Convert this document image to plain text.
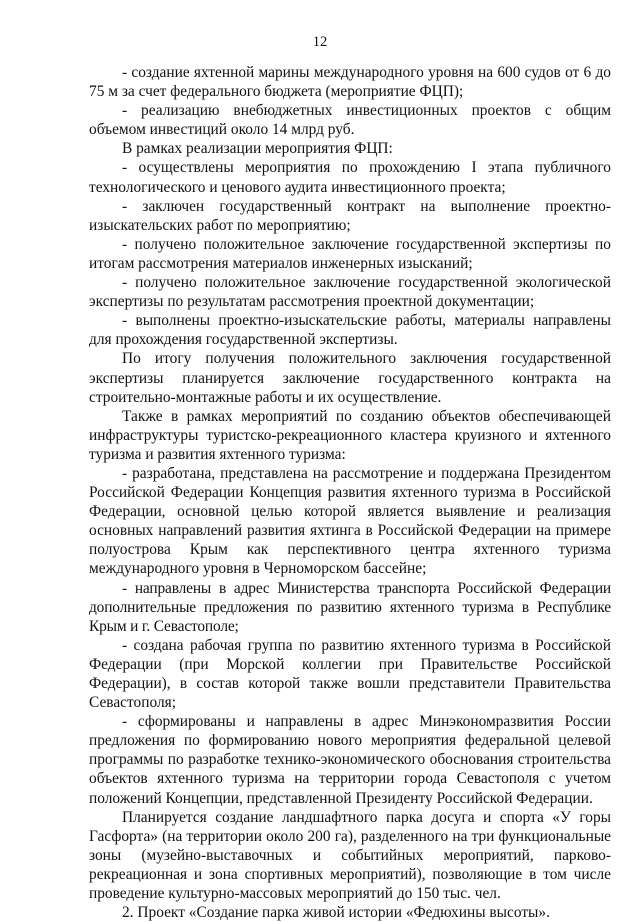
12

- создание яхтенной марины международного уровня на 600 судов от 6 до 75 м за счет федерального бюджета (мероприятие ФЦП);

- реализацию внебюджетных инвестиционных проектов с общим объемом инвестиций около 14 млрд руб.

В рамках реализации мероприятия ФЦП:

- осуществлены мероприятия по прохождению I этапа публичного технологического и ценового аудита инвестиционного проекта;

- заключен государственный контракт на выполнение проектно-изыскательских работ по мероприятию;

- получено положительное заключение государственной экспертизы по итогам рассмотрения материалов инженерных изысканий;

- получено положительное заключение государственной экологической экспертизы по результатам рассмотрения проектной документации;

- выполнены проектно-изыскательские работы, материалы направлены для прохождения государственной экспертизы.

По итогу получения положительного заключения государственной экспертизы планируется заключение государственного контракта на строительно-монтажные работы и их осуществление.

Также в рамках мероприятий по созданию объектов обеспечивающей инфраструктуры туристско-рекреационного кластера круизного и яхтенного туризма и развития яхтенного туризма:

- разработана, представлена на рассмотрение и поддержана Президентом Российской Федерации Концепция развития яхтенного туризма в Российской Федерации, основной целью которой является выявление и реализация основных направлений развития яхтинга в Российской Федерации на примере полуострова Крым как перспективного центра яхтенного туризма международного уровня в Черноморском бассейне;

- направлены в адрес Министерства транспорта Российской Федерации дополнительные предложения по развитию яхтенного туризма в Республике Крым и г. Севастополе;

- создана рабочая группа по развитию яхтенного туризма в Российской Федерации (при Морской коллегии при Правительстве Российской Федерации), в состав которой также вошли представители Правительства Севастополя;

- сформированы и направлены в адрес Минэкономразвития России предложения по формированию нового мероприятия федеральной целевой программы по разработке технико-экономического обоснования строительства объектов яхтенного туризма на территории города Севастополя с учетом положений Концепции, представленной Президенту Российской Федерации.

Планируется создание ландшафтного парка досуга и спорта «У горы Гасфорта» (на территории около 200 га), разделенного на три функциональные зоны (музейно-выставочных и событийных мероприятий, парково-рекреационная и зона спортивных мероприятий), позволяющие в том числе проведение культурно-массовых мероприятий до 150 тыс. чел.

2. Проект «Создание парка живой истории «Федюхины высоты».
